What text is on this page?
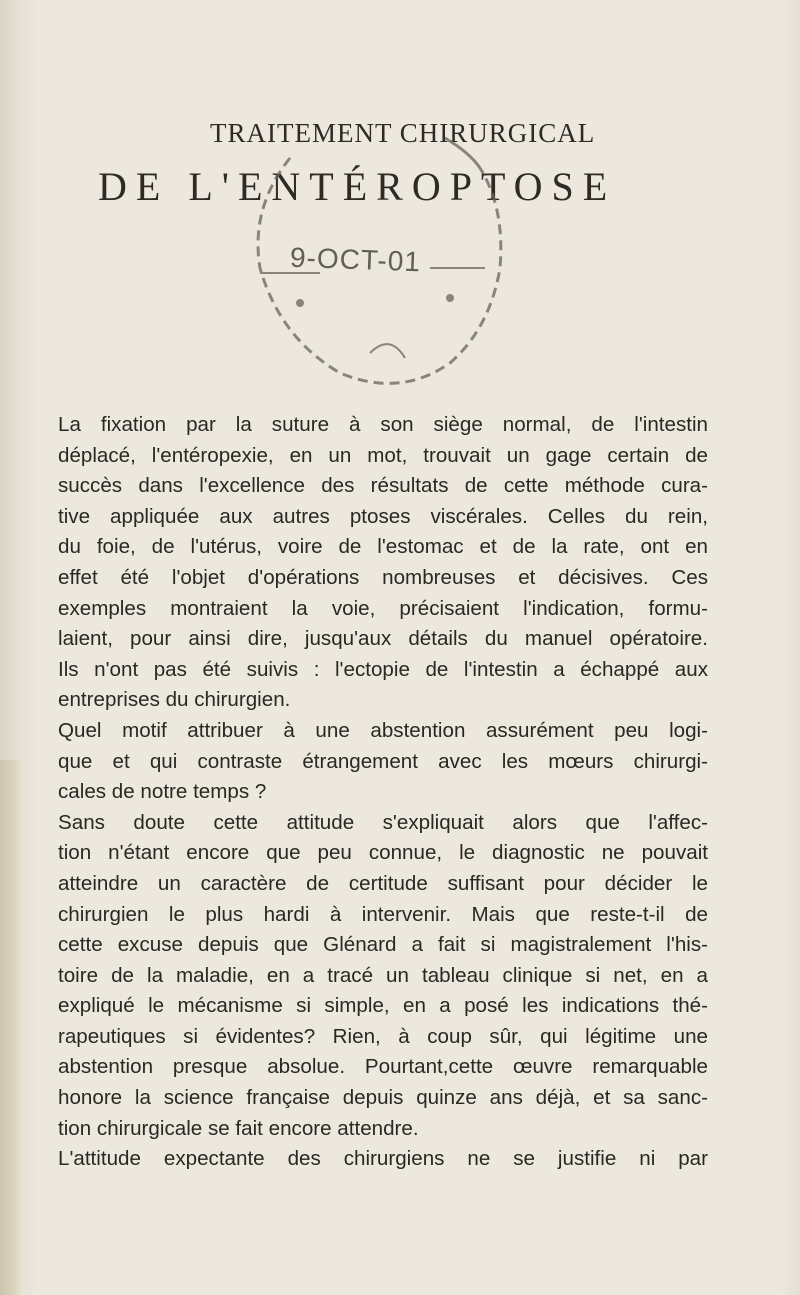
TRAITEMENT CHIRURGICAL
DE L'ENTÉROPTOSE
9-OCT-01

La fixation par la suture à son siège normal, de l'intestin
déplacé, l'entéropexie, en un mot, trouvait un gage certain de
succès dans l'excellence des résultats de cette méthode cura-
tive appliquée aux autres ptoses viscérales. Celles du rein,
du foie, de l'utérus, voire de l'estomac et de la rate, ont en
effet été l'objet d'opérations nombreuses et décisives. Ces
exemples montraient la voie, précisaient l'indication, formu-
laient, pour ainsi dire, jusqu'aux détails du manuel opératoire.
Ils n'ont pas été suivis : l'ectopie de l'intestin a échappé aux
entreprises du chirurgien.

Quel motif attribuer à une abstention assurément peu logi-
que et qui contraste étrangement avec les mœurs chirurgi-
cales de notre temps ?

Sans doute cette attitude s'expliquait alors que l'affec-
tion n'étant encore que peu connue, le diagnostic ne pouvait
atteindre un caractère de certitude suffisant pour décider le
chirurgien le plus hardi à intervenir. Mais que reste-t-il de
cette excuse depuis que Glénard a fait si magistralement l'his-
toire de la maladie, en a tracé un tableau clinique si net, en a
expliqué le mécanisme si simple, en a posé les indications thé-
rapeutiques si évidentes? Rien, à coup sûr, qui légitime une
abstention presque absolue. Pourtant,cette œuvre remarquable
honore la science française depuis quinze ans déjà, et sa sanc-
tion chirurgicale se fait encore attendre.

L'attitude expectante des chirurgiens ne se justifie ni par
